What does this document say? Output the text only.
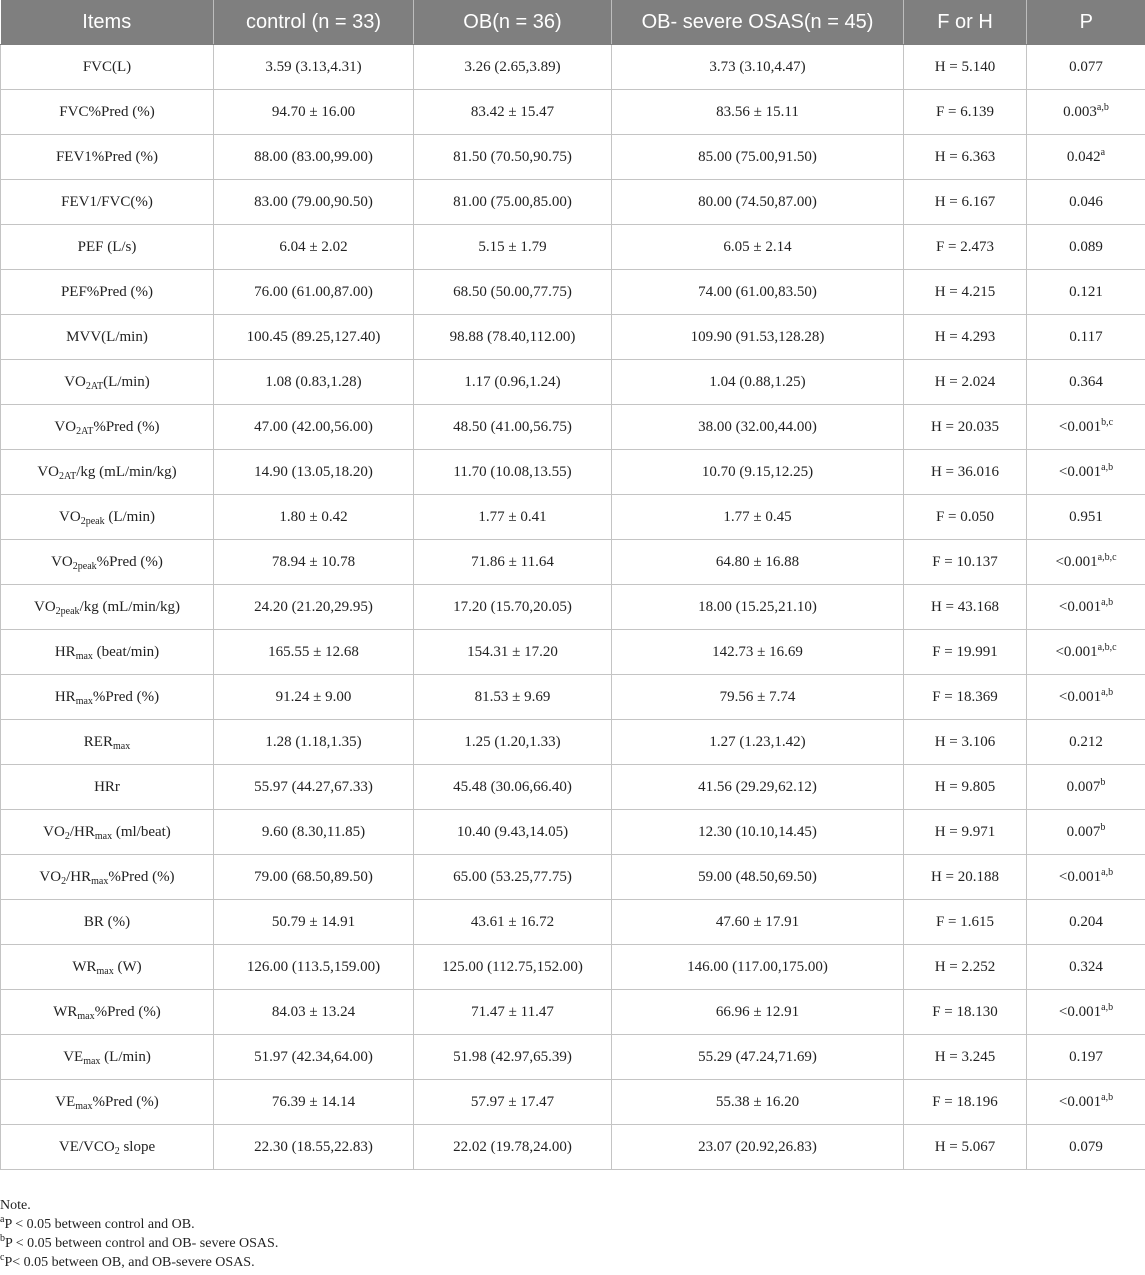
Items	control (n = 33)	OB(n = 36)	OB- severe OSAS(n = 45)	F or H	P
FVC(L)	3.59 (3.13,4.31)	3.26 (2.65,3.89)	3.73 (3.10,4.47)	H = 5.140	0.077
FVC%Pred (%)	94.70 ± 16.00	83.42 ± 15.47	83.56 ± 15.11	F = 6.139	0.003$^{a,b}$
FEV1%Pred (%)	88.00 (83.00,99.00)	81.50 (70.50,90.75)	85.00 (75.00,91.50)	H = 6.363	0.042$^a$
FEV1/FVC(%)	83.00 (79.00,90.50)	81.00 (75.00,85.00)	80.00 (74.50,87.00)	H = 6.167	0.046
PEF (L/s)	6.04 ± 2.02	5.15 ± 1.79	6.05 ± 2.14	F = 2.473	0.089
PEF%Pred (%)	76.00 (61.00,87.00)	68.50 (50.00,77.75)	74.00 (61.00,83.50)	H = 4.215	0.121
MVV(L/min)	100.45 (89.25,127.40)	98.88 (78.40,112.00)	109.90 (91.53,128.28)	H = 4.293	0.117
$VO_{2AT}(L/\min)$	1.08 (0.83,1.28)	1.17 (0.96,1.24)	1.04 (0.88,1.25)	H = 2.024	0.364
$VO_{2AT}\%Pred$ (%)	47.00 (42.00,56.00)	48.50 (41.00,56.75)	38.00 (32.00,44.00)	H = 20.035	$<0.001^{b,c}$
$VO_{2AT}/kg$ (mL/min/kg)	14.90 (13.05,18.20)	11.70 (10.08,13.55)	10.70 (9.15,12.25)	H = 36.016	$<0.001^{a,b}$
$VO_{2peak}$ (L/min)	1.80 ± 0.42	1.77 ± 0.41	1.77 ± 0.45	F = 0.050	0.951
$VO_{2peak}\%Pred$ (%)	78.94 ± 10.78	71.86 ± 11.64	64.80 ± 16.88	F = 10.137	$<0.001^{a,b,c}$
$VO_{2peak}/kg$ (mL/min/kg)	24.20 (21.20,29.95)	17.20 (15.70,20.05)	18.00 (15.25,21.10)	H = 43.168	$<0.001^{a,b}$
$HR_{max}$ (beat/min)	165.55 ± 12.68	154.31 ± 17.20	142.73 ± 16.69	F = 19.991	$<0.001^{a,b,c}$
$HR_{max}\%Pred$ (%)	91.24 ± 9.00	81.53 ± 9.69	79.56 ± 7.74	F = 18.369	$<0.001^{a,b}$
$RER_{max}$	1.28 (1.18,1.35)	1.25 (1.20,1.33)	1.27 (1.23,1.42)	H = 3.106	0.212
HRr	55.97 (44.27,67.33)	45.48 (30.06,66.40)	41.56 (29.29,62.12)	H = 9.805	0.007$^b$
$VO_2/HR_{max}$ (ml/beat)	9.60 (8.30,11.85)	10.40 (9.43,14.05)	12.30 (10.10,14.45)	H = 9.971	0.007$^b$
$VO_2/HR_{max}\%Pred$ (%)	79.00 (68.50,89.50)	65.00 (53.25,77.75)	59.00 (48.50,69.50)	H = 20.188	$<0.001^{a,b}$
BR (%)	50.79 ± 14.91	43.61 ± 16.72	47.60 ± 17.91	F = 1.615	0.204
$WR_{max}$ (W)	126.00 (113.5,159.00)	125.00 (112.75,152.00)	146.00 (117.00,175.00)	H = 2.252	0.324
$WR_{max}\%Pred$ (%)	84.03 ± 13.24	71.47 ± 11.47	66.96 ± 12.91	F = 18.130	$<0.001^{a,b}$
$VE_{max}$ (L/min)	51.97 (42.34,64.00)	51.98 (42.97,65.39)	55.29 (47.24,71.69)	H = 3.245	0.197
$VE_{max}\%Pred$ (%)	76.39 ± 14.14	57.97 ± 17.47	55.38 ± 16.20	F = 18.196	$<0.001^{a,b}$
$VE/VCO_2$ slope	22.30 (18.55,22.83)	22.02 (19.78,24.00)	23.07 (20.92,26.83)	H = 5.067	0.079
Note.
$^a$P < 0.05 between control and OB.
$^b$P < 0.05 between control and OB- severe OSAS.
$^c$P< 0.05 between OB, and OB-severe OSAS.
